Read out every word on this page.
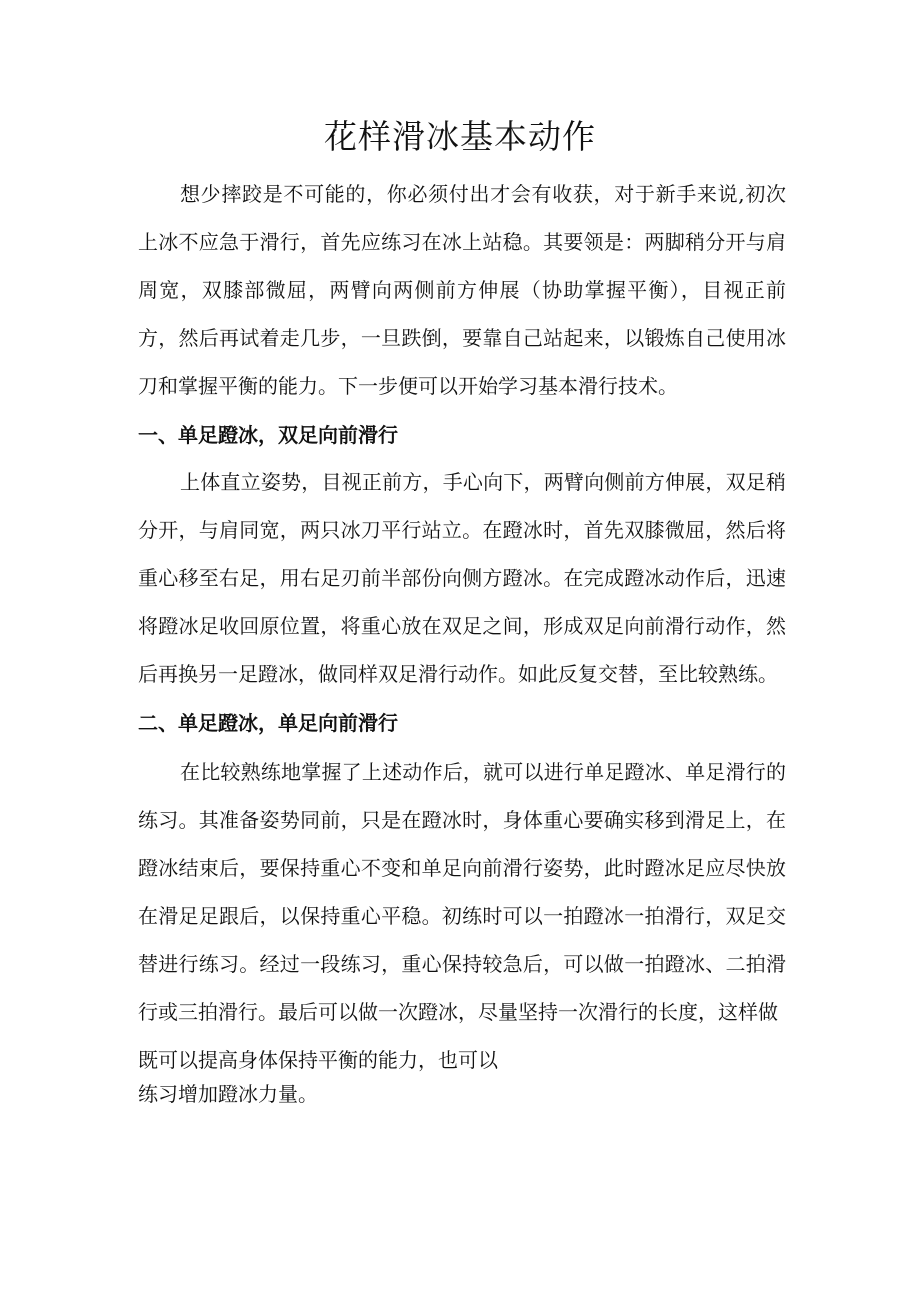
花样滑冰基本动作

想少摔跤是不可能的，你必须付出才会有收获，对于新手来说,初次上冰不应急于滑行，首先应练习在冰上站稳。其要领是：两脚稍分开与肩周宽，双膝部微屈，两臂向两侧前方伸展（协助掌握平衡），目视正前方，然后再试着走几步，一旦跌倒，要靠自己站起来，以锻炼自己使用冰刀和掌握平衡的能力。下一步便可以开始学习基本滑行技术。

一、单足蹬冰，双足向前滑行

上体直立姿势，目视正前方，手心向下，两臂向侧前方伸展，双足稍分开，与肩同宽，两只冰刀平行站立。在蹬冰时，首先双膝微屈，然后将重心移至右足，用右足刃前半部份向侧方蹬冰。在完成蹬冰动作后，迅速将蹬冰足收回原位置，将重心放在双足之间，形成双足向前滑行动作，然后再换另一足蹬冰，做同样双足滑行动作。如此反复交替，至比较熟练。

二、单足蹬冰，单足向前滑行

在比较熟练地掌握了上述动作后，就可以进行单足蹬冰、单足滑行的练习。其准备姿势同前，只是在蹬冰时，身体重心要确实移到滑足上，在蹬冰结束后，要保持重心不变和单足向前滑行姿势，此时蹬冰足应尽快放在滑足足跟后，以保持重心平稳。初练时可以一拍蹬冰一拍滑行，双足交替进行练习。经过一段练习，重心保持较急后，可以做一拍蹬冰、二拍滑行或三拍滑行。最后可以做一次蹬冰，尽量坚持一次滑行的长度，这样做

既可以提高身体保持平衡的能力，也可以

练习增加蹬冰力量。
